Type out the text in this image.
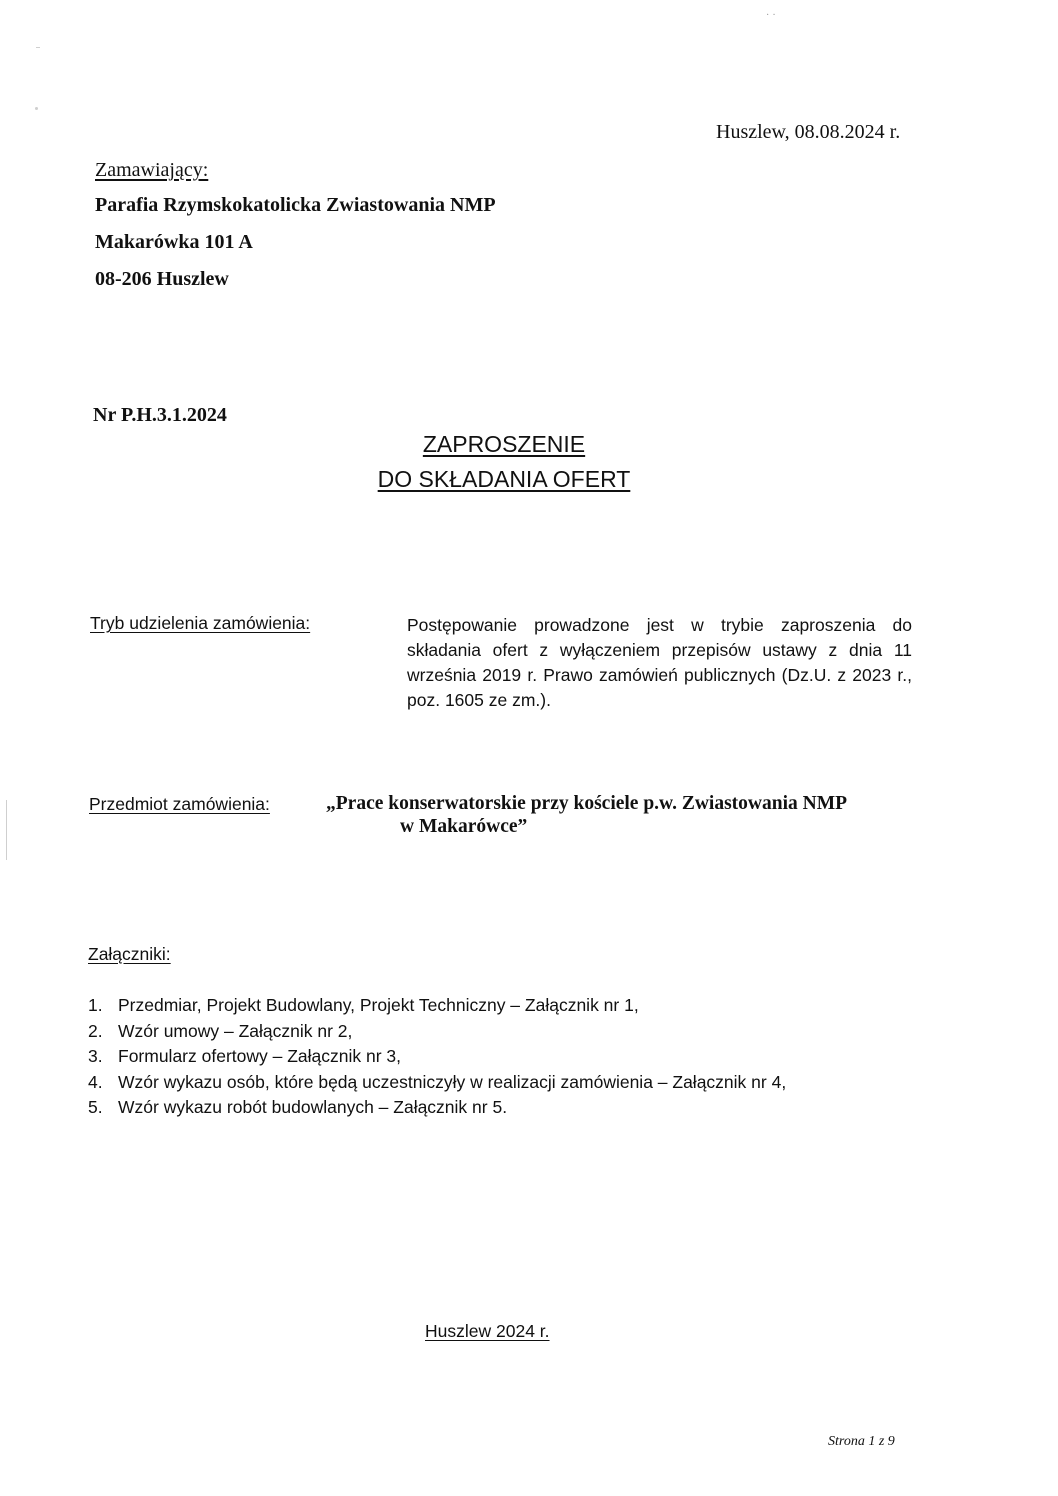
··
Huszlew, 08.08.2024 r.
Zamawiający:
Parafia Rzymskokatolicka Zwiastowania NMP
Makarówka 101 A
08-206 Huszlew
Nr P.H.3.1.2024
ZAPROSZENIE
DO SKŁADANIA OFERT
Tryb udzielenia zamówienia:	Postępowanie prowadzone jest w trybie zaproszenia do składania ofert z wyłączeniem przepisów ustawy z dnia 11 września 2019 r. Prawo zamówień publicznych (Dz.U. z 2023 r., poz. 1605 ze zm.).
Przedmiot zamówienia:	„Prace konserwatorskie przy kościele p.w. Zwiastowania NMP
w Makarówce”
Załączniki:
1. Przedmiar, Projekt Budowlany, Projekt Techniczny – Załącznik nr 1,
2. Wzór umowy – Załącznik nr 2,
3. Formularz ofertowy – Załącznik nr 3,
4. Wzór wykazu osób, które będą uczestniczyły w realizacji zamówienia – Załącznik nr 4,
5. Wzór wykazu robót budowlanych – Załącznik nr 5.
Huszlew 2024 r.
Strona 1 z 9
